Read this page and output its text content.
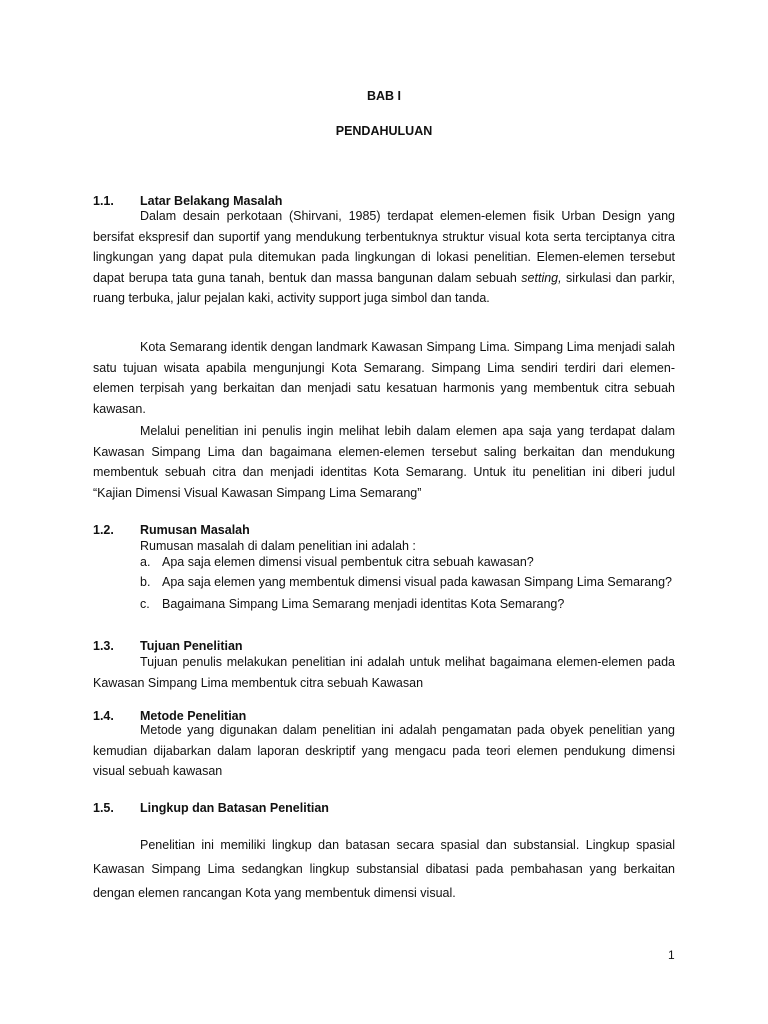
BAB I
PENDAHULUAN
1.1. Latar Belakang Masalah
Dalam desain perkotaan (Shirvani, 1985) terdapat elemen-elemen fisik Urban Design yang bersifat ekspresif dan suportif yang mendukung terbentuknya struktur visual kota serta terciptanya citra lingkungan yang dapat pula ditemukan pada lingkungan di lokasi penelitian. Elemen-elemen tersebut dapat berupa tata guna tanah, bentuk dan massa bangunan dalam sebuah setting, sirkulasi dan parkir, ruang terbuka, jalur pejalan kaki, activity support juga simbol dan tanda.
Kota Semarang identik dengan landmark Kawasan Simpang Lima. Simpang Lima menjadi salah satu tujuan wisata apabila mengunjungi Kota Semarang. Simpang Lima sendiri terdiri dari elemen-elemen terpisah yang berkaitan dan menjadi satu kesatuan harmonis yang membentuk citra sebuah kawasan.
Melalui penelitian ini penulis ingin melihat lebih dalam elemen apa saja yang terdapat dalam Kawasan Simpang Lima dan bagaimana elemen-elemen tersebut saling berkaitan dan mendukung membentuk sebuah citra dan menjadi identitas Kota Semarang. Untuk itu penelitian ini diberi judul “Kajian Dimensi Visual Kawasan Simpang Lima Semarang”
1.2. Rumusan Masalah
Rumusan masalah di dalam penelitian ini adalah :
a. Apa saja elemen dimensi visual pembentuk citra sebuah kawasan?
b. Apa saja elemen yang membentuk dimensi visual pada kawasan Simpang Lima Semarang?
c. Bagaimana Simpang Lima Semarang menjadi identitas Kota Semarang?
1.3. Tujuan Penelitian
Tujuan penulis melakukan penelitian ini adalah untuk melihat bagaimana elemen-elemen pada Kawasan Simpang Lima membentuk citra sebuah Kawasan
1.4. Metode Penelitian
Metode yang digunakan dalam penelitian ini adalah pengamatan pada obyek penelitian yang kemudian dijabarkan dalam laporan deskriptif yang mengacu pada teori elemen pendukung dimensi visual sebuah kawasan
1.5. Lingkup dan Batasan Penelitian
Penelitian ini memiliki lingkup dan batasan secara spasial dan substansial. Lingkup spasial Kawasan Simpang Lima sedangkan lingkup substansial dibatasi pada pembahasan yang berkaitan dengan elemen rancangan Kota yang membentuk dimensi visual.
1
